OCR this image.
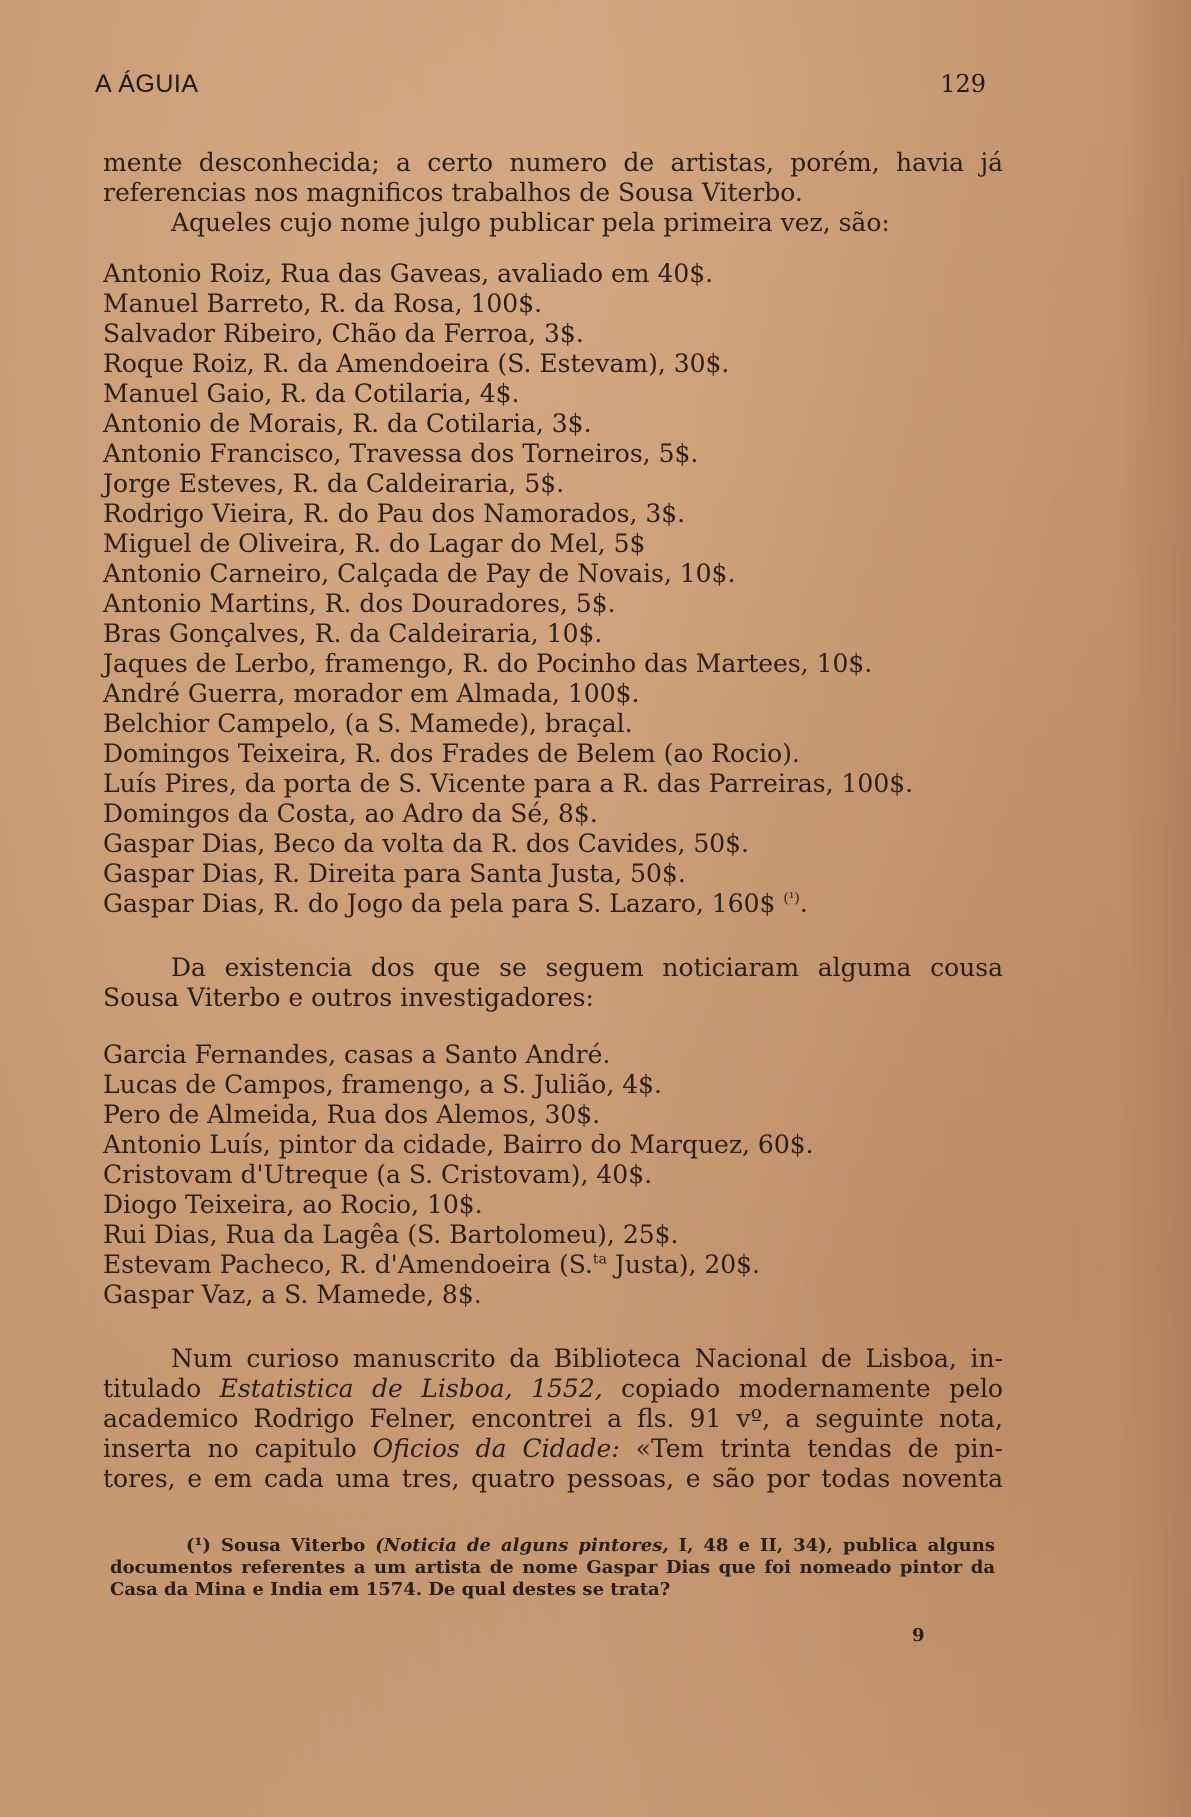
A ÁGUIA	129

mente desconhecida; a certo numero de artistas, porém, havia já
referencias nos magnificos trabalhos de Sousa Viterbo.
Aqueles cujo nome julgo publicar pela primeira vez, são:

Antonio Roiz, Rua das Gaveas, avaliado em 40$.
Manuel Barreto, R. da Rosa, 100$.
Salvador Ribeiro, Chão da Ferroa, 3$.
Roque Roiz, R. da Amendoeira (S. Estevam), 30$.
Manuel Gaio, R. da Cotilaria, 4$.
Antonio de Morais, R. da Cotilaria, 3$.
Antonio Francisco, Travessa dos Torneiros, 5$.
Jorge Esteves, R. da Caldeiraria, 5$.
Rodrigo Vieira, R. do Pau dos Namorados, 3$.
Miguel de Oliveira, R. do Lagar do Mel, 5$
Antonio Carneiro, Calçada de Pay de Novais, 10$.
Antonio Martins, R. dos Douradores, 5$.
Bras Gonçalves, R. da Caldeiraria, 10$.
Jaques de Lerbo, framengo, R. do Pocinho das Martees, 10$.
André Guerra, morador em Almada, 100$.
Belchior Campelo, (a S. Mamede), braçal.
Domingos Teixeira, R. dos Frades de Belem (ao Rocio).
Luís Pires, da porta de S. Vicente para a R. das Parreiras, 100$.
Domingos da Costa, ao Adro da Sé, 8$.
Gaspar Dias, Beco da volta da R. dos Cavides, 50$.
Gaspar Dias, R. Direita para Santa Justa, 50$.
Gaspar Dias, R. do Jogo da pela para S. Lazaro, 160$ $^{(^1)}$.

Da existencia dos que se seguem noticiaram alguma cousa
Sousa Viterbo e outros investigadores:

Garcia Fernandes, casas a Santo André.
Lucas de Campos, framengo, a S. Julião, 4$.
Pero de Almeida, Rua dos Alemos, 30$.
Antonio Luís, pintor da cidade, Bairro do Marquez, 60$.
Cristovam d'Utreque (a S. Cristovam), 40$.
Diogo Teixeira, ao Rocio, 10$.
Rui Dias, Rua da Lagêa (S. Bartolomeu), 25$.
Estevam Pacheco, R. d'Amendoeira (S.$^{ta}$ Justa), 20$.
Gaspar Vaz, a S. Mamede, 8$.

Num curioso manuscrito da Biblioteca Nacional de Lisboa, in-
titulado Estatistica de Lisboa, 1552, copiado modernamente pelo
academico Rodrigo Felner, encontrei a fls. 91 vº, a seguinte nota,
inserta no capitulo Oficios da Cidade: «Tem trinta tendas de pin-
tores, e em cada uma tres, quatro pessoas, e são por todas noventa

(¹) Sousa Viterbo (Noticia de alguns pintores, I, 48 e II, 34), publica alguns documentos referentes a um artista de nome Gaspar Dias que foi nomeado pintor da Casa da Mina e India em 1574. De qual destes se trata?
9
